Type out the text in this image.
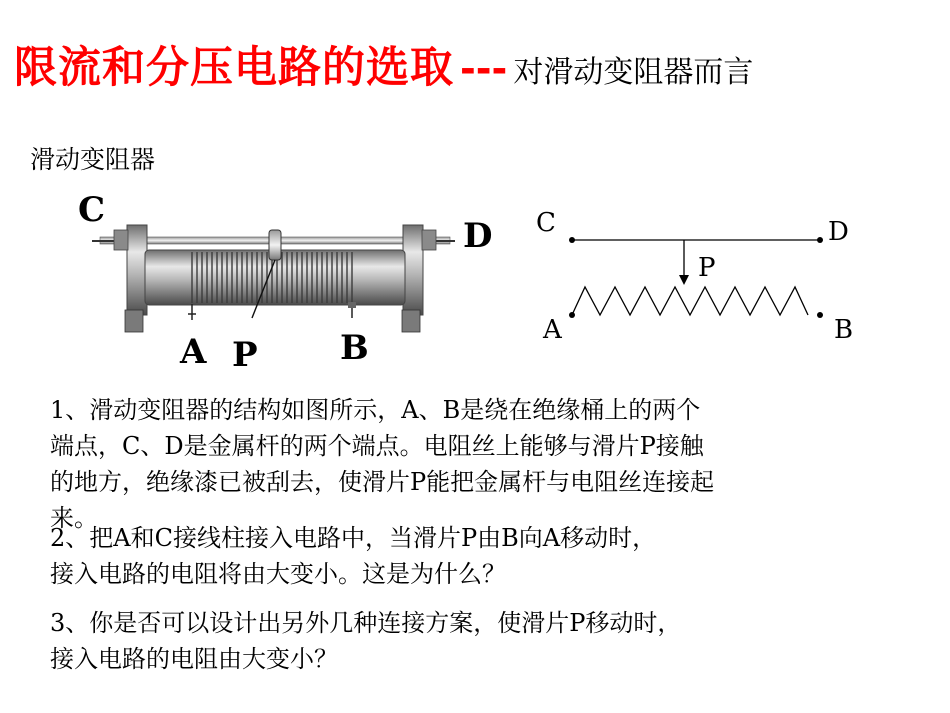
限流和分压电路的选取 --- 对滑动变阻器而言
滑动变阻器
C
D
A P B
C	D
P
A	B
1、滑动变阻器的结构如图所示，A、B是绕在绝缘桶上的两个
端点，C、D是金属杆的两个端点。电阻丝上能够与滑片P接触
的地方，绝缘漆已被刮去，使滑片P能把金属杆与电阻丝连接起
来。
2、把A和C接线柱接入电路中，当滑片P由B向A移动时，
接入电路的电阻将由大变小。这是为什么？
3、你是否可以设计出另外几种连接方案，使滑片P移动时，
接入电路的电阻由大变小？
